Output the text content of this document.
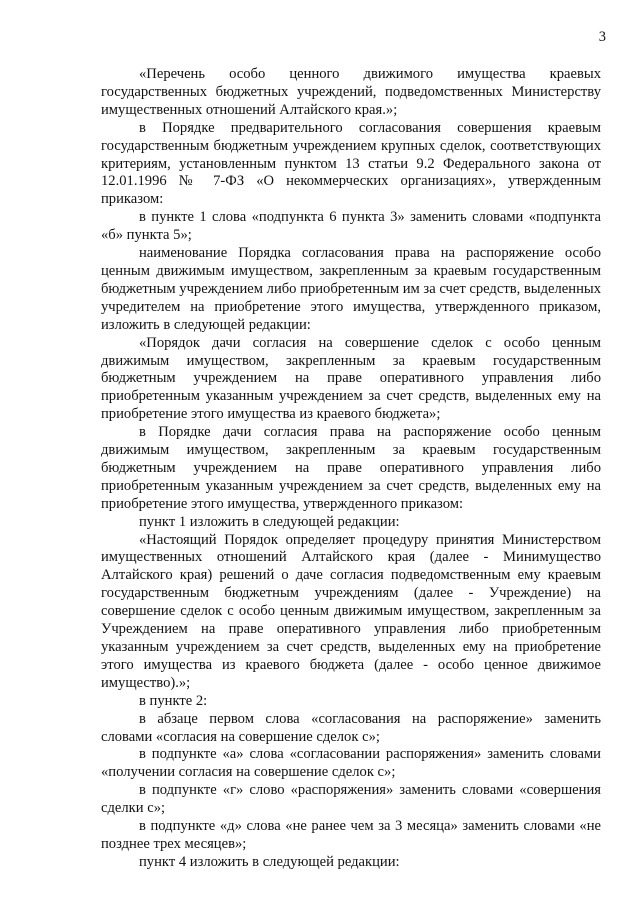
3

«Перечень особо ценного движимого имущества краевых государственных бюджетных учреждений, подведомственных Министерству имущественных отношений Алтайского края.»;

в Порядке предварительного согласования совершения краевым государственным бюджетным учреждением крупных сделок, соответствующих критериям, установленным пунктом 13 статьи 9.2 Федерального закона от 12.01.1996 № 7-ФЗ «О некоммерческих организациях», утвержденным приказом:

в пункте 1 слова «подпункта 6 пункта 3» заменить словами «подпункта «б» пункта 5»;

наименование Порядка согласования права на распоряжение особо ценным движимым имуществом, закрепленным за краевым государственным бюджетным учреждением либо приобретенным им за счет средств, выделенных учредителем на приобретение этого имущества, утвержденного приказом, изложить в следующей редакции:

«Порядок дачи согласия на совершение сделок с особо ценным движимым имуществом, закрепленным за краевым государственным бюджетным учреждением на праве оперативного управления либо приобретенным указанным учреждением за счет средств, выделенных ему на приобретение этого имущества из краевого бюджета»;

в Порядке дачи согласия права на распоряжение особо ценным движимым имуществом, закрепленным за краевым государственным бюджетным учреждением на праве оперативного управления либо приобретенным указанным учреждением за счет средств, выделенных ему на приобретение этого имущества, утвержденного приказом:

пункт 1 изложить в следующей редакции:

«Настоящий Порядок определяет процедуру принятия Министерством имущественных отношений Алтайского края (далее - Минимущество Алтайского края) решений о даче согласия подведомственным ему краевым государственным бюджетным учреждениям (далее - Учреждение) на совершение сделок с особо ценным движимым имуществом, закрепленным за Учреждением на праве оперативного управления либо приобретенным указанным учреждением за счет средств, выделенных ему на приобретение этого имущества из краевого бюджета (далее - особо ценное движимое имущество).»;

в пункте 2:

в абзаце первом слова «согласования на распоряжение» заменить словами «согласия на совершение сделок с»;

в подпункте «а» слова «согласовании распоряжения» заменить словами «получении согласия на совершение сделок с»;

в подпункте «г» слово «распоряжения» заменить словами «совершения сделки с»;

в подпункте «д» слова «не ранее чем за 3 месяца» заменить словами «не позднее трех месяцев»;

пункт 4 изложить в следующей редакции:
